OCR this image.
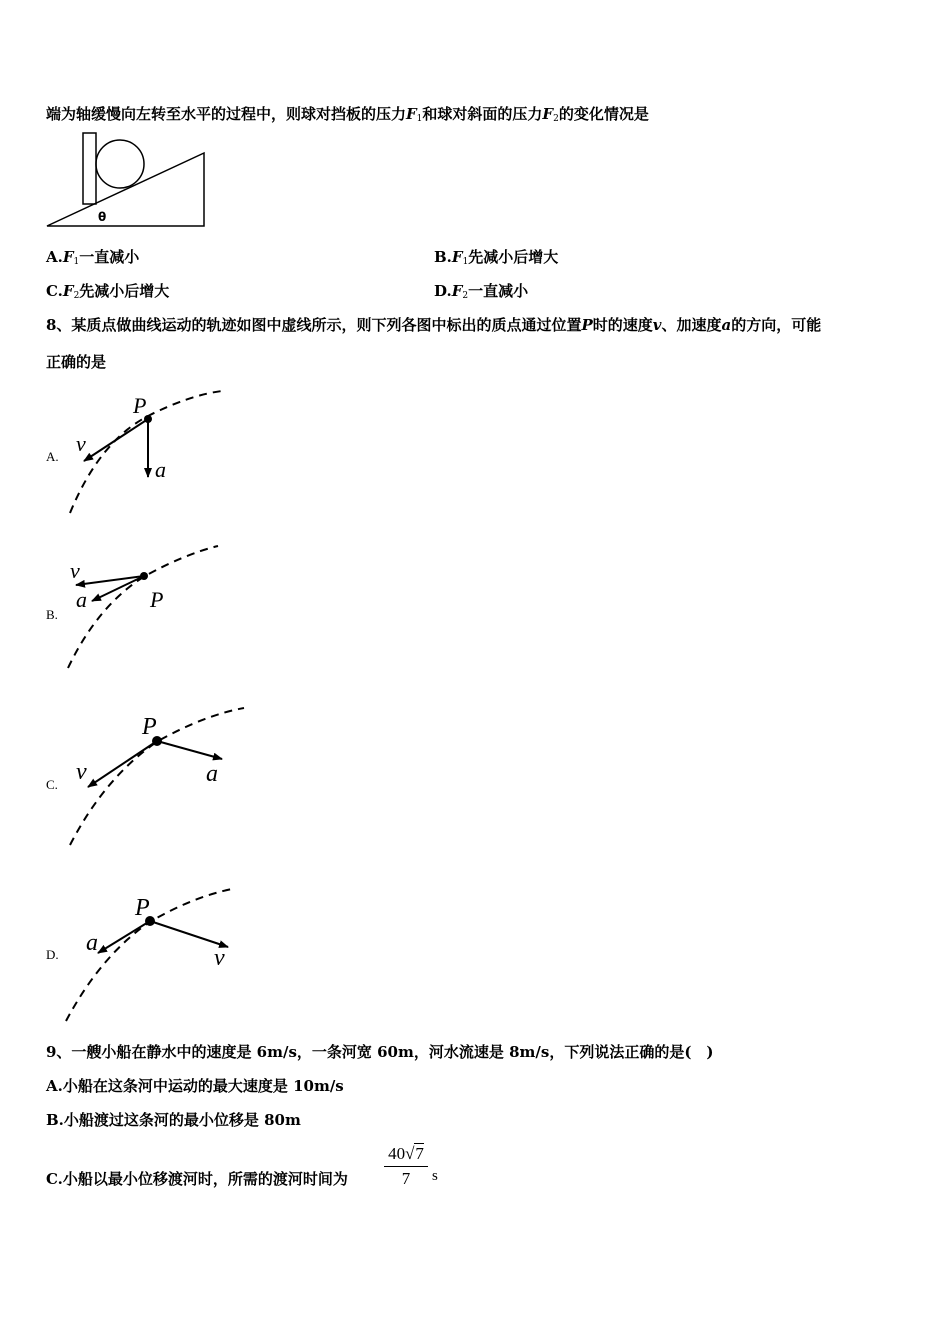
端为轴缓慢向左转至水平的过程中，则球对挡板的压力$F_1$和球对斜面的压力$F_2$的变化情况是
θ
$A.F_1$一直减小	$B.F_1$先减小后增大
$C.F_2$先减小后增大	$D.F_2$一直减小
8、某质点做曲线运动的轨迹如图中虚线所示，则下列各图中标出的质点通过位置P时的速度v、加速度a的方向，可能
正确的是
A.
P
v
a
B.
P
v
a
C.
P
v	a
D.
P
a
v
9、一艘小船在静水中的速度是 6m/s，一条河宽 60m，河水流速是 8m/s，下列说法正确的是(　)
A.小船在这条河中运动的最大速度是 10m/s
B.小船渡过这条河的最小位移是 80m
C.小船以最小位移渡河时，所需的渡河时间为
40√7
7	s
